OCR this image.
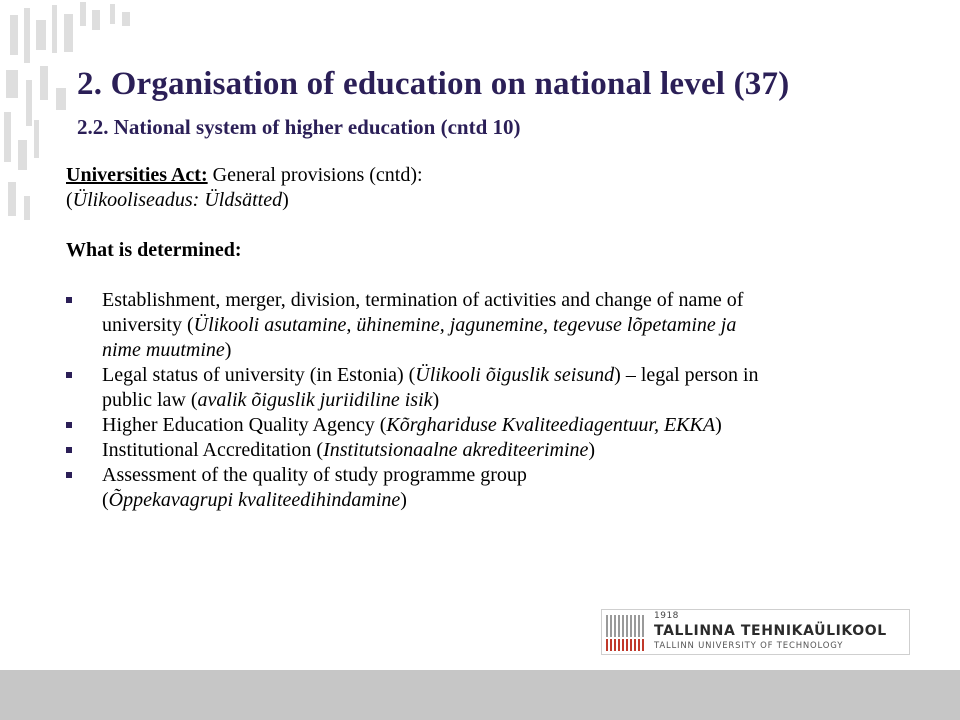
2. Organisation of education on national level (37)
2.2. National system of higher education (cntd 10)
Universities Act: General provisions (cntd):
(Ülikooliseadus: Üldsätted)
What is determined:
Establishment, merger, division, termination of activities and change of name of
university (Ülikooli asutamine, ühinemine, jagunemine, tegevuse lõpetamine ja
nime muutmine)
Legal status of university (in Estonia) (Ülikooli õiguslik seisund) – legal person in
public law (avalik õiguslik juriidiline isik)
Higher Education Quality Agency (Kõrghariduse Kvaliteediagentuur, EKKA)
Institutional Accreditation (Institutsionaalne akrediteerimine)
Assessment of the quality of study programme group
(Õppekavagrupi kvaliteedihindamine)
1918
TALLINNA TEHNIKAÜLIKOOL
TALLINN UNIVERSITY OF TECHNOLOGY
